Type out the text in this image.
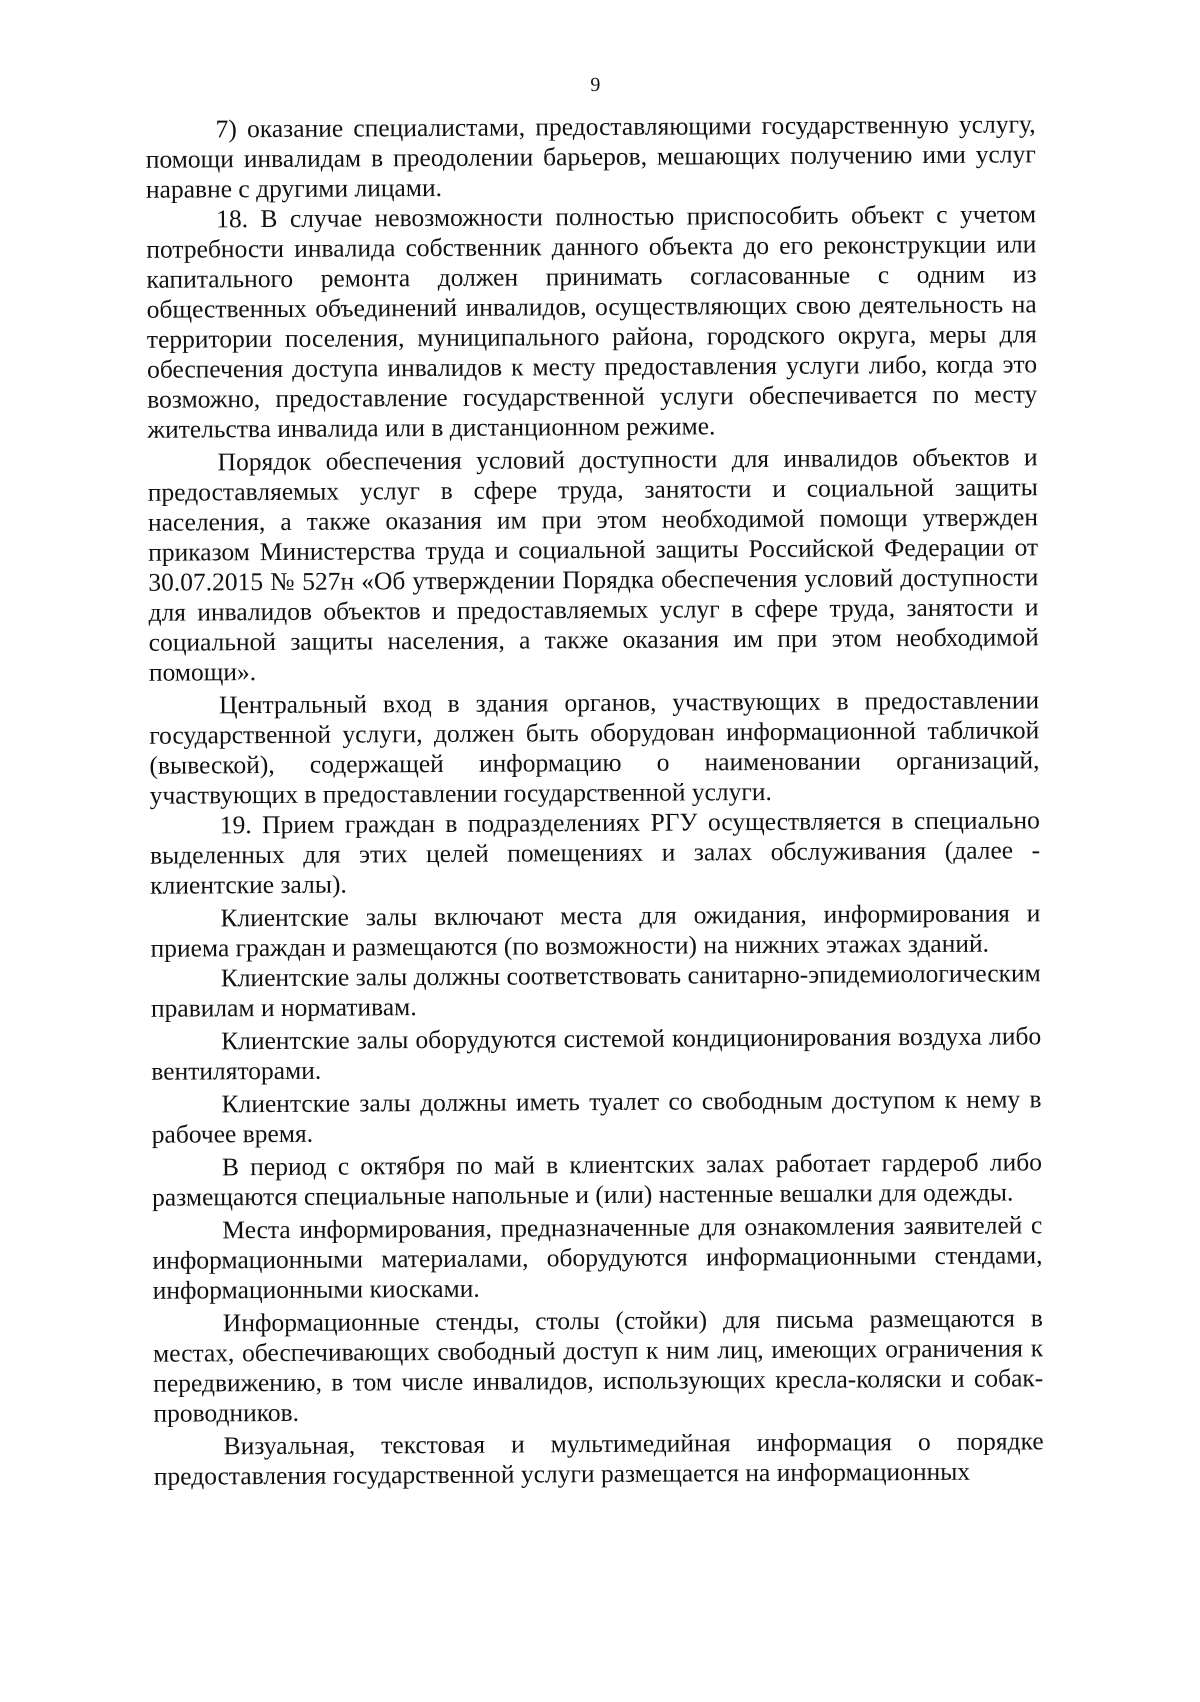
9

7) оказание специалистами, предоставляющими государственную услугу, помощи инвалидам в преодолении барьеров, мешающих получению ими услуг наравне с другими лицами.

18. В случае невозможности полностью приспособить объект с учетом потребности инвалида собственник данного объекта до его реконструкции или капитального ремонта должен принимать согласованные с одним из общественных объединений инвалидов, осуществляющих свою деятельность на территории поселения, муниципального района, городского округа, меры для обеспечения доступа инвалидов к месту предоставления услуги либо, когда это возможно, предоставление государственной услуги обеспечивается по месту жительства инвалида или в дистанционном режиме.

Порядок обеспечения условий доступности для инвалидов объектов и предоставляемых услуг в сфере труда, занятости и социальной защиты населения, а также оказания им при этом необходимой помощи утвержден приказом Министерства труда и социальной защиты Российской Федерации от 30.07.2015 № 527н «Об утверждении Порядка обеспечения условий доступности для инвалидов объектов и предоставляемых услуг в сфере труда, занятости и социальной защиты населения, а также оказания им при этом необходимой помощи».

Центральный вход в здания органов, участвующих в предоставлении государственной услуги, должен быть оборудован информационной табличкой (вывеской), содержащей информацию о наименовании организаций, участвующих в предоставлении государственной услуги.

19. Прием граждан в подразделениях РГУ осуществляется в специально выделенных для этих целей помещениях и залах обслуживания (далее - клиентские залы).

Клиентские залы включают места для ожидания, информирования и приема граждан и размещаются (по возможности) на нижних этажах зданий.

Клиентские залы должны соответствовать санитарно-эпидемиологическим правилам и нормативам.

Клиентские залы оборудуются системой кондиционирования воздуха либо вентиляторами.

Клиентские залы должны иметь туалет со свободным доступом к нему в рабочее время.

В период с октября по май в клиентских залах работает гардероб либо размещаются специальные напольные и (или) настенные вешалки для одежды.

Места информирования, предназначенные для ознакомления заявителей с информационными материалами, оборудуются информационными стендами, информационными киосками.

Информационные стенды, столы (стойки) для письма размещаются в местах, обеспечивающих свободный доступ к ним лиц, имеющих ограничения к передвижению, в том числе инвалидов, использующих кресла-коляски и собак-проводников.

Визуальная, текстовая и мультимедийная информация о порядке предоставления государственной услуги размещается на информационных
